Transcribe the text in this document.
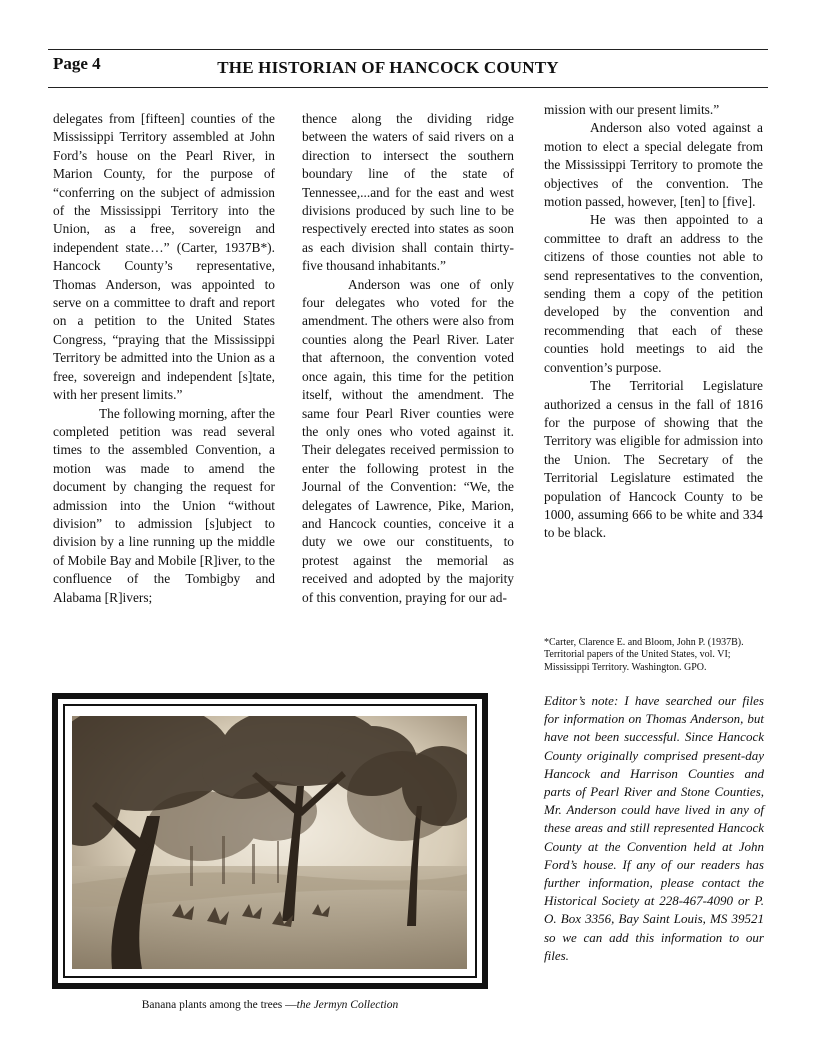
Page 4	THE HISTORIAN OF HANCOCK COUNTY

delegates from [fifteen] counties of the Mississippi Territory assembled at John Ford’s house on the Pearl River, in Marion County, for the purpose of “conferring on the subject of admission of the Mississippi Territory into the Union, as a free, sovereign and independent state…” (Carter, 1937B*). Hancock County’s representative, Thomas Anderson, was appointed to serve on a committee to draft and report on a petition to the United States Congress, “praying that the Mississippi Territory be admitted into the Union as a free, sovereign and independent [s]tate, with her present limits.”

The following morning, after the completed petition was read several times to the assembled Convention, a motion was made to amend the document by changing the request for admission into the Union “without division” to admission [s]ubject to division by a line running up the middle of Mobile Bay and Mobile [R]iver, to the confluence of the Tombigby and Alabama [R]ivers;

thence along the dividing ridge between the waters of said rivers on a direction to intersect the southern boundary line of the state of Tennessee,...and for the east and west divisions produced by such line to be respectively erected into states as soon as each division shall contain thirty-five thousand inhabitants.”

Anderson was one of only four delegates who voted for the amendment. The others were also from counties along the Pearl River. Later that afternoon, the convention voted once again, this time for the petition itself, without the amendment. The same four Pearl River counties were the only ones who voted against it. Their delegates received permission to enter the following protest in the Journal of the Convention: “We, the delegates of Lawrence, Pike, Marion, and Hancock counties, conceive it a duty we owe our constituents, to protest against the memorial as received and adopted by the majority of this convention, praying for our ad-

mission with our present limits.”

Anderson also voted against a motion to elect a special delegate from the Mississippi Territory to promote the objectives of the convention. The motion passed, however, [ten] to [five].

He was then appointed to a committee to draft an address to the citizens of those counties not able to send representatives to the convention, sending them a copy of the petition developed by the convention and recommending that each of these counties hold meetings to aid the convention’s purpose.

The Territorial Legislature authorized a census in the fall of 1816 for the purpose of showing that the Territory was eligible for admission into the Union. The Secretary of the Territorial Legislature estimated the population of Hancock County to be 1000, assuming 666 to be white and 334 to be black.

*Carter, Clarence E. and Bloom, John P. (1937B). Territorial papers of the United States, vol. VI; Mississippi Territory. Washington. GPO.
Editor’s note: I have searched our files for information on Thomas Anderson, but have not been successful. Since Hancock County originally comprised present-day Hancock and Harrison Counties and parts of Pearl River and Stone Counties, Mr. Anderson could have lived in any of these areas and still represented Hancock County at the Convention held at John Ford’s house. If any of our readers has further information, please contact the Historical Society at 228-467-4090 or P. O. Box 3356, Bay Saint Louis, MS 39521 so we can add this information to our files.
Banana plants among the trees —the Jermyn Collection
